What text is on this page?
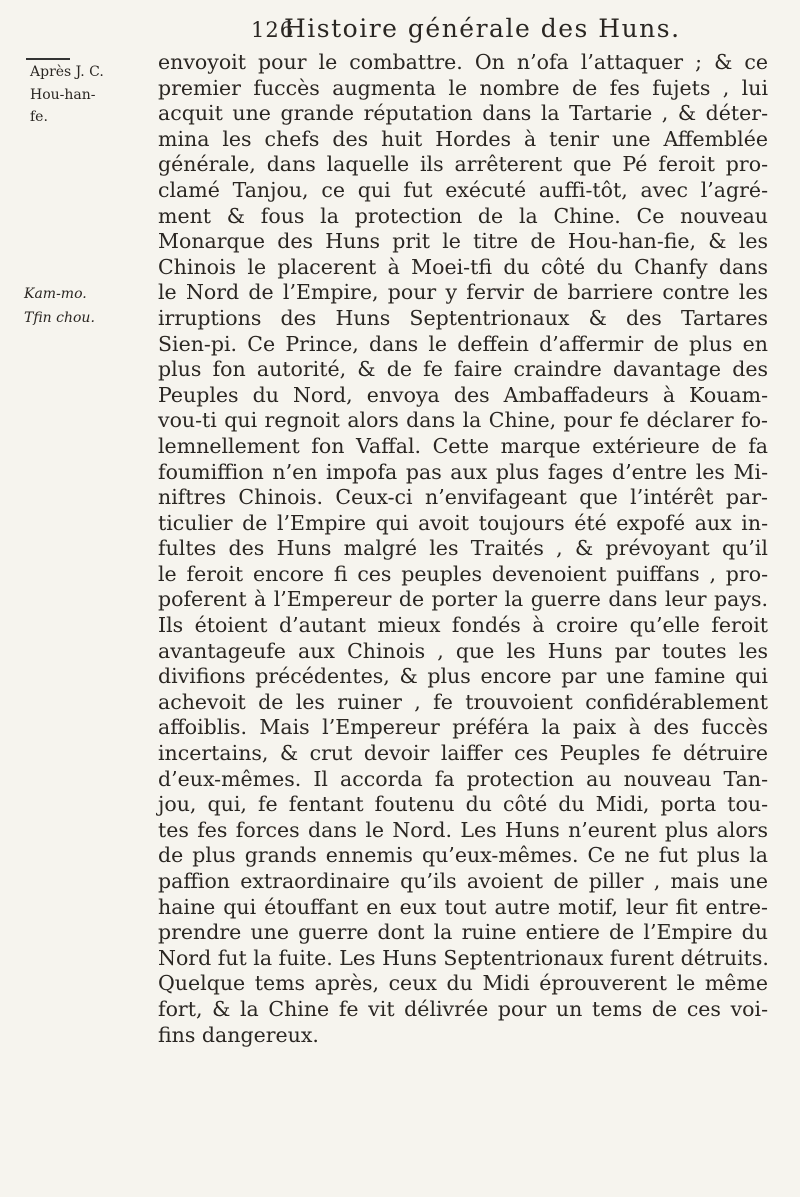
126
Histoire générale des Huns.
Après J. C.
Hou-han-
fe.
Kam-mo.
Tfin chou.
envoyoit pour le combattre. On n’ofa l’attaquer ; & ce
premier fuccès augmenta le nombre de fes fujets , lui
acquit une grande réputation dans la Tartarie , & déter-
mina les chefs des huit Hordes à tenir une Affemblée
générale, dans laquelle ils arrêterent que Pé feroit pro-
clamé Tanjou, ce qui fut exécuté auffi-tôt, avec l’agré-
ment & fous la protection de la Chine. Ce nouveau
Monarque des Huns prit le titre de Hou-han-fie, & les
Chinois le placerent à Moei-tfi du côté du Chanfy dans
le Nord de l’Empire, pour y fervir de barriere contre les
irruptions des Huns Septentrionaux & des Tartares
Sien-pi. Ce Prince, dans le deffein d’affermir de plus en
plus fon autorité, & de fe faire craindre davantage des
Peuples du Nord, envoya des Ambaffadeurs à Kouam-
vou-ti qui regnoit alors dans la Chine, pour fe déclarer fo-
lemnellement fon Vaffal. Cette marque extérieure de fa
foumiffion n’en impofa pas aux plus fages d’entre les Mi-
niftres Chinois. Ceux-ci n’envifageant que l’intérêt par-
ticulier de l’Empire qui avoit toujours été expofé aux in-
fultes des Huns malgré les Traités , & prévoyant qu’il
le feroit encore fi ces peuples devenoient puiffans , pro-
poferent à l’Empereur de porter la guerre dans leur pays.
Ils étoient d’autant mieux fondés à croire qu’elle feroit
avantageufe aux Chinois , que les Huns par toutes les
divifions précédentes, & plus encore par une famine qui
achevoit de les ruiner , fe trouvoient confidérablement
affoiblis. Mais l’Empereur préféra la paix à des fuccès
incertains, & crut devoir laiffer ces Peuples fe détruire
d’eux-mêmes. Il accorda fa protection au nouveau Tan-
jou, qui, fe fentant foutenu du côté du Midi, porta tou-
tes fes forces dans le Nord. Les Huns n’eurent plus alors
de plus grands ennemis qu’eux-mêmes. Ce ne fut plus la
paffion extraordinaire qu’ils avoient de piller , mais une
haine qui étouffant en eux tout autre motif, leur fit entre-
prendre une guerre dont la ruine entiere de l’Empire du
Nord fut la fuite. Les Huns Septentrionaux furent détruits.
Quelque tems après, ceux du Midi éprouverent le même
fort, & la Chine fe vit délivrée pour un tems de ces voi-
fins dangereux.
